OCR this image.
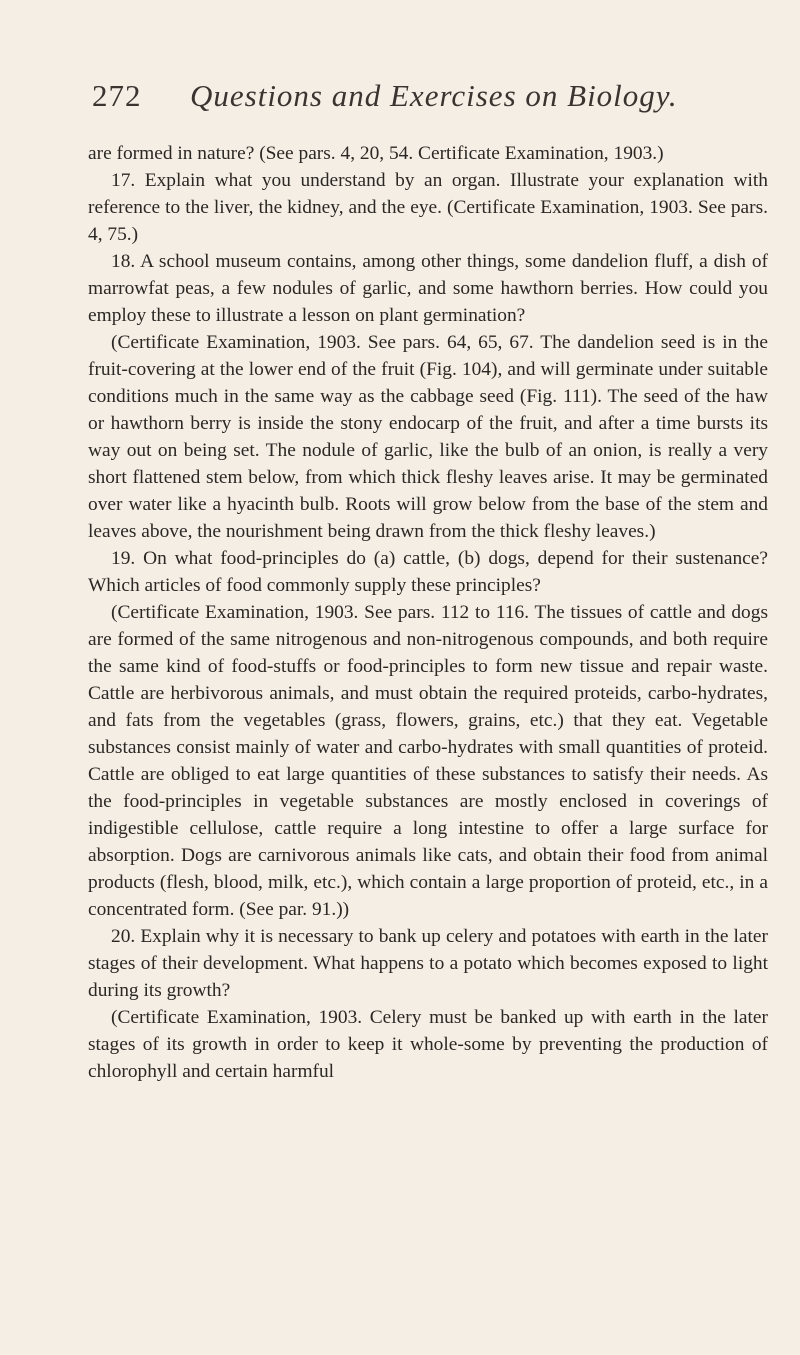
272 Questions and Exercises on Biology.

are formed in nature? (See pars. 4, 20, 54. Certificate Examination, 1903.)

17. Explain what you understand by an organ. Illustrate your explanation with reference to the liver, the kidney, and the eye. (Certificate Examination, 1903. See pars. 4, 75.)

18. A school museum contains, among other things, some dandelion fluff, a dish of marrowfat peas, a few nodules of garlic, and some hawthorn berries. How could you employ these to illustrate a lesson on plant germination?

(Certificate Examination, 1903. See pars. 64, 65, 67. The dandelion seed is in the fruit-covering at the lower end of the fruit (Fig. 104), and will germinate under suitable conditions much in the same way as the cabbage seed (Fig. 111). The seed of the haw or hawthorn berry is inside the stony endocarp of the fruit, and after a time bursts its way out on being set. The nodule of garlic, like the bulb of an onion, is really a very short flattened stem below, from which thick fleshy leaves arise. It may be germinated over water like a hyacinth bulb. Roots will grow below from the base of the stem and leaves above, the nourishment being drawn from the thick fleshy leaves.)

19. On what food-principles do (a) cattle, (b) dogs, depend for their sustenance? Which articles of food commonly supply these principles?

(Certificate Examination, 1903. See pars. 112 to 116. The tissues of cattle and dogs are formed of the same nitrogenous and non-nitrogenous compounds, and both require the same kind of food-stuffs or food-principles to form new tissue and repair waste. Cattle are herbivorous animals, and must obtain the required proteids, carbo-hydrates, and fats from the vegetables (grass, flowers, grains, etc.) that they eat. Vegetable substances consist mainly of water and carbo-hydrates with small quantities of proteid. Cattle are obliged to eat large quantities of these substances to satisfy their needs. As the food-principles in vegetable substances are mostly enclosed in coverings of indigestible cellulose, cattle require a long intestine to offer a large surface for absorption. Dogs are carnivorous animals like cats, and obtain their food from animal products (flesh, blood, milk, etc.), which contain a large proportion of proteid, etc., in a concentrated form. (See par. 91.))

20. Explain why it is necessary to bank up celery and potatoes with earth in the later stages of their development. What happens to a potato which becomes exposed to light during its growth?

(Certificate Examination, 1903. Celery must be banked up with earth in the later stages of its growth in order to keep it whole-some by preventing the production of chlorophyll and certain harmful
